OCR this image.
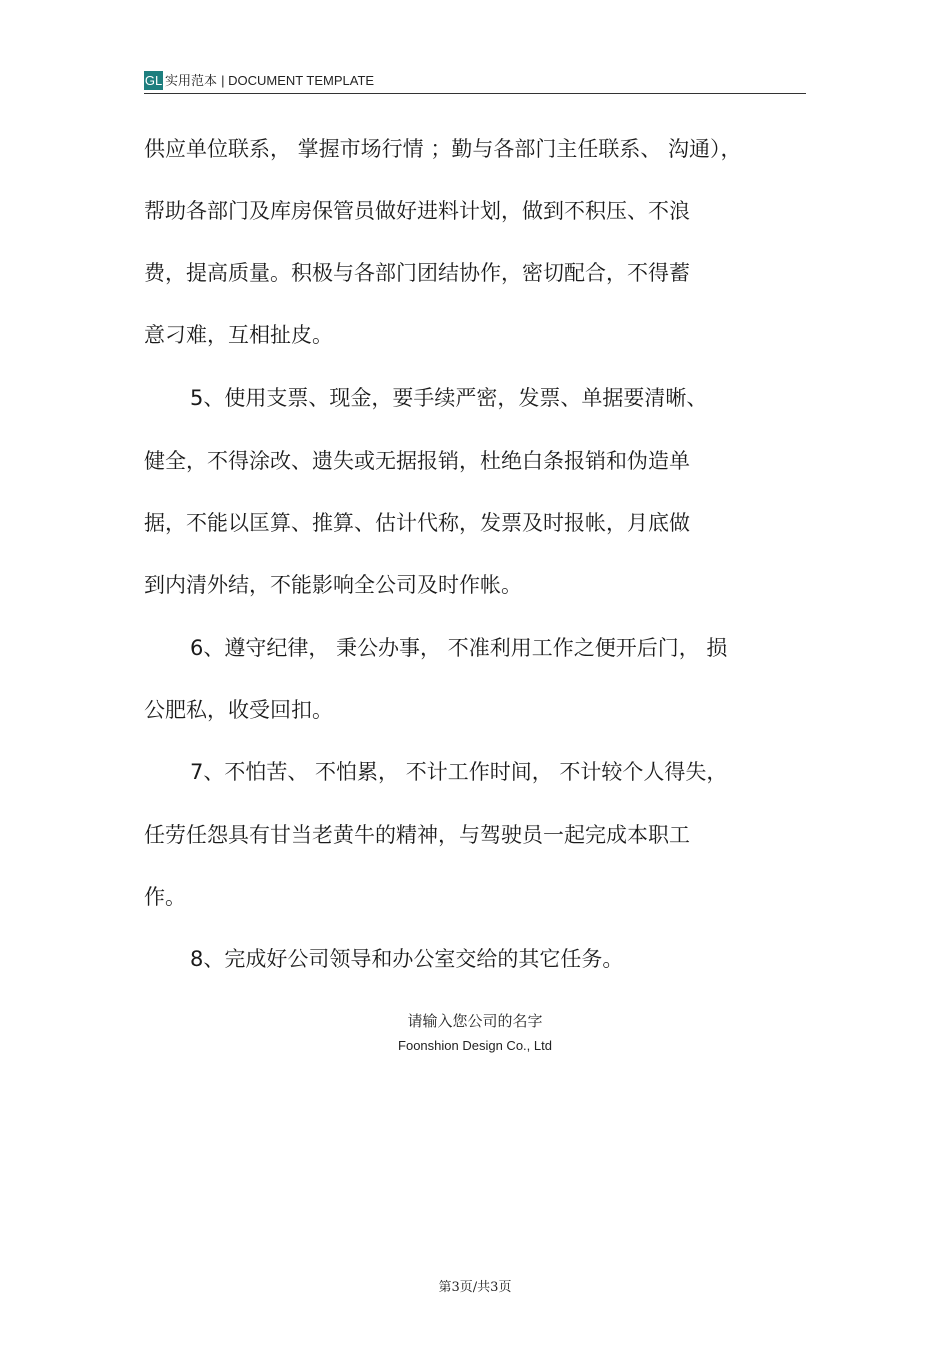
GL 实用范本 | DOCUMENT TEMPLATE
供应单位联系， 掌握市场行情 ；勤与各部门主任联系、 沟通），
帮助各部门及库房保管员做好进料计划，做到不积压、不浪
费，提高质量。积极与各部门团结协作，密切配合，不得蓄
意刁难，互相扯皮。
5、使用支票、现金，要手续严密，发票、单据要清晰、
健全，不得涂改、遗失或无据报销，杜绝白条报销和伪造单
据，不能以匡算、推算、估计代称，发票及时报帐，月底做
到内清外结，不能影响全公司及时作帐。
6、遵守纪律， 秉公办事， 不准利用工作之便开后门， 损
公肥私，收受回扣。
7、不怕苦、 不怕累， 不计工作时间， 不计较个人得失，
任劳任怨具有甘当老黄牛的精神，与驾驶员一起完成本职工
作。
8、完成好公司领导和办公室交给的其它任务。
请输入您公司的名字
Foonshion Design Co., Ltd
第3页/共3页
